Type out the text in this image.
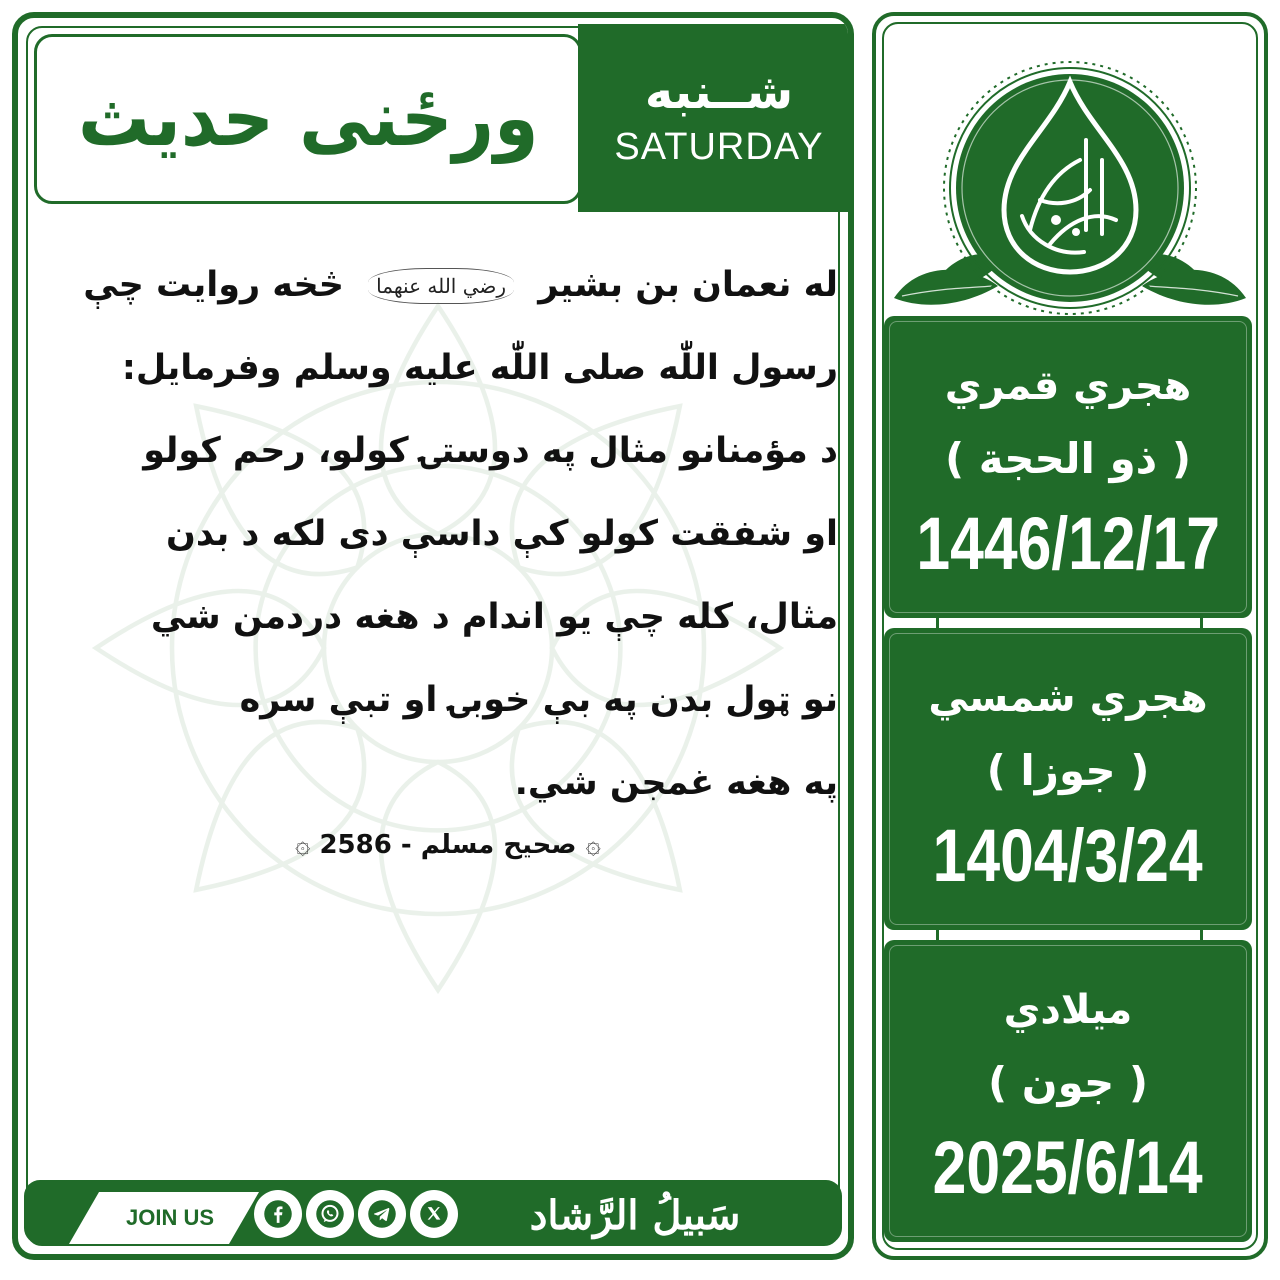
ورځنی حدیث شــنبه
SATURDAY

له نعمان بن بشیر رضي الله عنهما څخه روایت چې

رسول اللّٰه صلی اللّٰه علیه وسلم وفرمایل:

د مؤمنانو مثال په دوستۍ کولو، رحم کولو

او شفقت کولو کې داسې دی لکه د بدن

مثال، کله چې یو اندام د هغه دردمن شي

نو ټول بدن په بې خوبۍ او تبې سره

په هغه غمجن شي.

۞ صحیح مسلم - 2586 ۞
JOIN US	سَبیلُ الرَّشاد
هجري قمري
( ذو الحجة )
1446/12/17
هجري شمسي
( جوزا )
1404/3/24
میلادي
( جون )
2025/6/14
